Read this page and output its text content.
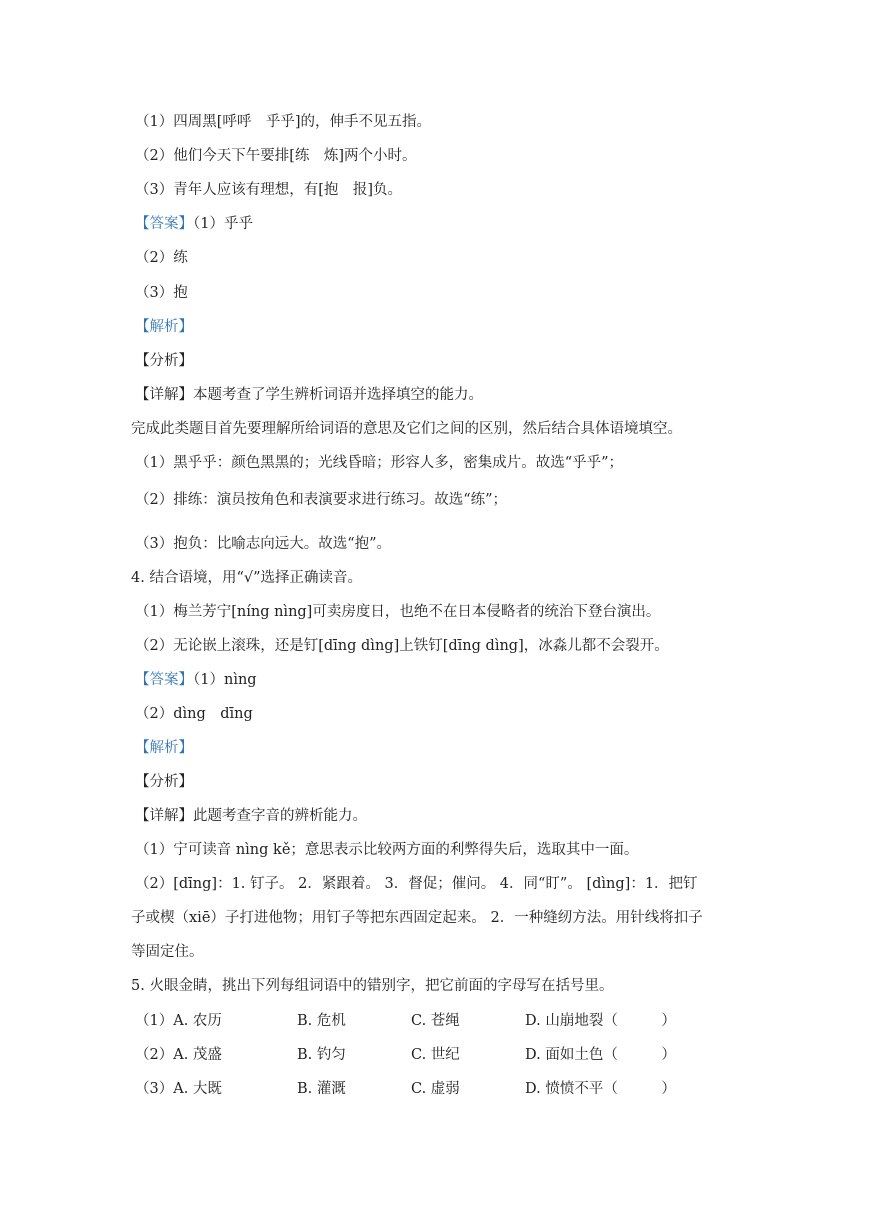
（1）四周黑[呼呼　乎乎]的，伸手不见五指。
（2）他们今天下午要排[练　炼]两个小时。
（3）青年人应该有理想，有[抱　报]负。
【答案】（1）乎乎
（2）练
（3）抱
【解析】
【分析】
【详解】本题考查了学生辨析词语并选择填空的能力。
完成此类题目首先要理解所给词语的意思及它们之间的区别，然后结合具体语境填空。
（1）黑乎乎：颜色黑黑的；光线昏暗；形容人多，密集成片。故选“乎乎”；
（2）排练：演员按角色和表演要求进行练习。故选“练”；
（3）抱负：比喻志向远大。故选“抱”。
4. 结合语境，用“√”选择正确读音。
（1）梅兰芳宁[níng nìng]可卖房度日，也绝不在日本侵略者的统治下登台演出。
（2）无论嵌上滚珠，还是钉[dīng dìng]上铁钉[dīng dìng]，冰淼儿都不会裂开。
【答案】（1）nìng
（2）dìng　dīng
【解析】
【分析】
【详解】此题考查字音的辨析能力。
（1）宁可读音 nìng kě；意思表示比较两方面的利弊得失后，选取其中一面。
（2）[dīng]：1. 钉子。 2．紧跟着。 3．督促；催问。 4．同“盯”。 [dìng]：1．把钉
子或楔（xiē）子打进他物；用钉子等把东西固定起来。 2．一种缝纫方法。用针线将扣子
等固定住。
5. 火眼金睛，挑出下列每组词语中的错别字，把它前面的字母写在括号里。
（1）A. 农历	B. 危机	C. 苍绳	D. 山崩地裂（　　　）
（2）A. 茂盛	B. 钓匀	C. 世纪	D. 面如土色（　　　）
（3）A. 大既	B. 灌溉	C. 虚弱	D. 愤愤不平（　　　）
